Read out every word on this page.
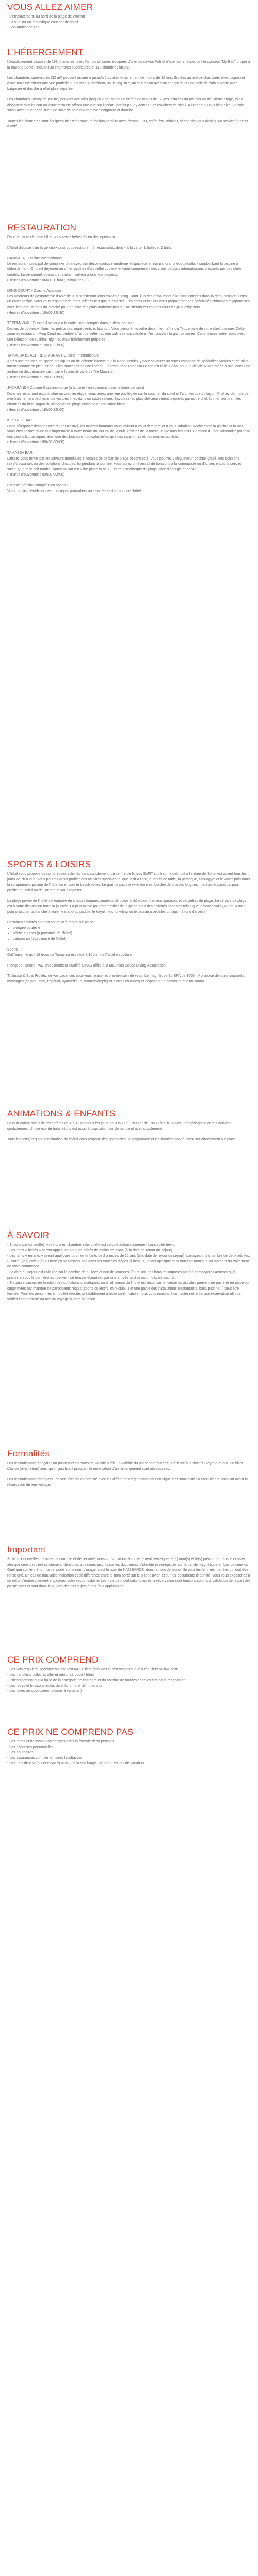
VOUS ALLEZ AIMER

- L'emplacement, au bord de la plage de Wolmar

- La vue sur un magnifique coucher de soleil

- Son ambiance zen

L'HÉBERGEMENT

L'établissement dispose de 193 chambres, avec l'air conditionné, équipées d'une connexion Wifi et d'une literie respectant le concept "My Bed" propre à la marque Sofitel, incluant 30 chambres supérieures et 113 chambres luxury.

Les chambres supérieures (32 m²) peuvent accueillir jusqu'à 2 adultes et un enfant de moins de 12 ans. Situées au rez-de-chaussée, elles disposent d'une terrasse offrant une vue partielle sur la mer. A l'intérieur, un lit king-size, un coin salon avec un canapé-lit et une salle de bain ouverte avec baignoire et douche à effet pluie séparée.

Les chambres Luxury de (50 m²) peuvent accueillir jusqu'à 2 adultes et un enfant de moins de 12 ans. Situées au premier ou deuxième étage, elles disposent d'un balcon ou d'une terrasse offrant une vue sur l'océan, parfait pour y admirer les couchers de soleil. A l'intérieur, un lit king-size, un coin salon avec un canapé-lit et une salle de bain ouverte avec baignoire et douche.

Toutes les chambres sont équipées de : téléphone, télévision satellite avec écrans LCD, coffre-fort, minibar, sèche-cheveux ainsi qu'un service à thé et à café.

RESTAURATION

Dans le cadre de cette offre, vous serez hébergés en demi-pension.

L'hôtel dispose d'un large choix pour vous restaurer : 5 restaurants, dont 4 à la carte, 1 buffet et 2 bars.

RAVINALA - Cuisine Internationale
Le restaurant principal de complexe ultra-avec son décor exotique moderne et spacieux et son panorama époustouflant surplombant la piscine à débordement. On petit déjeuner au dîner, profitez d'un buffet copieux et varié comprenant des choix de plats internationaux préparés par des chefs créatifs. Le personnel, souriant et attentif, veillera à tous vos besoins.
(Heures d'ouverture : 06h00-11h00 ; 19h00-22h30)

MING COURT - Cuisine Asiatique
Les amateurs de gastronomie d'Asie de l'Est satisferont leurs envies à Ming Court. l'un des restaurants à la carte compris dans la demi-pension. Dans un cadre raffiné, vous vous régalerez de mets raffinés tels que le chili-sec. Les chefs cuisiniers vous prépareront des spécialités chinoises et japonaises avec les produits frais du marché pour en faire des plats authentiques qui satisferont les connaisseurs les plus exigeants.
(Heures d'ouverture : 19h00-22h30)

TEPPANYAKI - Cuisine Asiatique à la carte - non compris dans la demi-pension
Dames de couteaux, flammes pétillantes, ingrédients éclatants... Vous serez émerveillé devant le maître du Teppanyaki de votre chef cuisinier. Cette zone du restaurant Ming Court est dédiée à l'art de cette tradition culinaire ancestrale et l'est souvent la grande soirée. Commencez votre repas avec une sélection de sushimi, nigiri ou maki fraîchement préparés.
(Heures d'ouverture : 19h00-22h00)

TAMASSA BEACH RESTAURANT-Cuisine Internationale
Après une matinée de sports nautiques ou de détente intense sur la plage, rendez-y pour savourer un repas composé de spécialités locales et de plats internationaux en plein air sous les douces brises de l'océan. Le restaurant Tamassa Beach est le lieu idéal pour un délicieux intermède à midi dans une ambiance décontractée qui incarne la joie de vivre de l'île Maurice.
(Heures d'ouverture : 12h00-17h00)

JACARANDA Cuisine Gastronomique (à la carte - non compris dans la demi-pension)
Dans un restaurant exquis situé au premier étage, vous aurez une vue privilégiée sur le coucher du soleil et l'architecture du lagon. Profitez de fruits de mer fraîchement pêchés et de viandes fines dans un cadre raffiné. Savourez les plats délicieusement préparés par notre chef, tout en admirant les charmes du beau lagon du visage d'une plage enviable et son sable blanc.
(Heures d'ouverture : 19h00-22h00)

KESTREL BAR
Dans l'élégance décontractée du bar Kestrel, les maîtres barmans vous invitent à vous détendre et à vous rafraîchir. Niché entre la piscine et la mer, vous êtes assuré d'une vue imprenable à toute heure du jour ou de la nuit. Profitez de la musique live tous les soirs. Le menu du bar saisonnier propose des cocktails classiques ainsi que des boissons tropicales telles que des caipirinhas et des mojitos au litchi.
(Heures d'ouverture : 08h30-00h00)

TAMASSA BAR
Laissez vous tenter par les saveurs mondiales et locales de ce bar de plage décontracté. Vous pourrez y dégusterun cocktail glacé, des boissons rafraîchissantes ou des collations chaudes. Ici pendant la journée, vous aurez un éventail de boissons à la commande ou d'autres encas sucrés et salés. Quand le soir tombe, Tamassa Bar est « the place to be »... cette discothèque de plage vibre d'énergie et de vie.
(Heures d'ouverture : 09h30-00h00)

Formule pension complète en option :
Vous pouvez bénéficier des trois repas journaliers au sein des restaurants de l'hôtel.

SPORTS & LOISIRS

L'hôtel vous propose de nombreuses activités sans supplément. Le centre de fitness SoFIT situé sur le petit toit a l'entrée de l'hôtel est ouvert tous les jours de 7h à 20h. Vous pourrez aussi profiter des activités sportives tel que le tir à l'arc, le tennis de table, la pétanque, l'aquagym et le water-polo dans la somptueuse piscine de l'hôtel ou encore le beach volley. Le grande piscine extérieure est bordée de chaises longues, matelas et parasols pour profiter du soleil ou de l'ombre et vous reposer.

La plage privée de l'hôtel est équipée de chaises longues, matelas de plage à lit&aquos, hamacs, parasols et serviettes de plage. Le service de plage est à votre disposition toute la journée. La plus active pourront profiter de la plage pour des activités sportives telles que le beach volley ou de la mer pour pratiquer la planche à voile, le stand-up paddle, le kayak, le snorkeling ou le bateau à pédales du lagon à fond de verre.

Certaines activités sont en option et à régler sur place :

• plongée bouteille
• pêche au gros (à proximité de l'hôtel)
• catamaran (à proximité de l'hôtel)

Sports
Golf/easy : le golf 18 trous de Tamarina est situé à 10 min de l'hôtel en voiture

Plongées : centre PADI avec moniteur qualifié CMAS affilié à la Mauritius Scuba Diving Association

Thalasso & Spa: Profitez de vos vacances pour vous relaxer et prendre soin de vous. Le magnifique So SPA de 1000 m² propose de soins corporels, massages (shiatsu, thaï, impérial, ayurvédique, aromathérapie) et pierres chaudes) et dispose d'un hammam et d'un sauna.

ANIMATIONS & ENFANTS

Le club enfant accueille les enfants de 4 à 12 ans tous les jours de 09h00 à 17h00 et de 18h30 à 21h15 avec une pédagogie et des activités quotidiennes. Un service de baby-sitting est aussi à disposition sur demande et avec supplément.

Tous les soirs, l'équipe d'animation de l'hôtel vous propose des spectacles, le programme et les horaires sont à consulter directement sur place.

À SAVOIR

- Si vous partez seul(e), votre prix en chambre individuelle est calculé automatiquement dans votre devis.
- Les tarifs « bébés » seront appliqués pour les bébés de moins de 2 ans (à la date de retour du séjour).
- Les tarifs « enfants » seront appliqués pour les enfants de 2 à moins de 12 ans (à la date de retour du séjour), partageant la chambre de deux adultes. Si votre (vos) enfant(s) ou bébé(s) ne rentrent pas dans les tranches d'âges ci-dessus, le tarif appliqué sera non communiqué au moment du traitement de votre commande.
- La date du séjour est calculée sur le nombre de nuitées et non de journées. En raison des horaires imposés par les compagnies aériennes, la première et/ou le dernière nuit peuvent se trouver écourtées par une arrivée tardive ou un départ matinal.
- En basse saison, en fonction des conditions climatiques, ou à l'affluence de l'hôtel est insuffisante, certaines activités peuvent ne pas être en place ou supprimées par manque de participants requis (sports collectifs, mini-club...) et une partie des installations (restaurants, bars, piscine...) peut être fermée. Pour les personnes à mobilité réduite, préalablement à toute confirmation, nous vous invitons à contacter notre service réservation afin de vérifier l'adaptabilité ou non du voyage à votre situation.

Formalités

Les ressortissants français : un passeport en cours de validité suffit. La validité du passeport doit être ultérieure à la date du voyage retour. Un billet d'avion (aller/retour) ainsi qu'un justificatif prouvant la réservation d'un hébergement sont nécessaires.

Les ressortissants étrangers : doivent être en conformité avec les différentes réglementations en vigueur et sont invités à consulter le consulat avant la réservation de leur voyage.

Important

Suite aux nouvelles mesures de contrôle et de sécurité, nous vous invitons à correctement renseigner le(s) nom(s) et le(s) prénom(s) dans le dossier afin que ceux-ci soient strictement identiques aux noms inscrits sur les documents d'identité et enregistrés sur la bande magnétique en bas de ceux-ci. Quel que soit le prénom usuel porté sur le nom d'usage, c'est le nom de NAISSANCE, donc le nom de jeune fille pour les femmes mariées qui doit être renseigné. En cas de mauvaise indication et de différence entre le nom porté sur le billet d'avion et sur les documents d'identité, vous vous exposeriez à un refus d'embarquement engageant votre responsabilité. Les frais de modifications après la réservation sont toujours soumis à validation de la part des prestataires et sont dans la plupart des cas sujets à des frais applicables.

CE PRIX COMPREND

- Les vols réguliers, spéciaux ou low-cost A/R, Billets émis dès la réservation sur vols réguliers ou low-cost.

- Les transferts collectifs aller et retour aéroport / hôtel.

- L'hébergement sur la base de la catégorie de chambre et du nombre de nuitées choisies lors de la réservation.

- Les repas et boissons inclus dans la formule demi-pension

- Les taxes aéroportuaires (soumis à variation)

CE PRIX NE COMPREND PAS

- Les repas et boissons non compris dans la formule demi-pension

- Les dépenses personnelles

- Les pourboires

- Les assurances complémentaires facultatives

- Les frais de visa (si nécessaire) ainsi que la surcharge carburant en cas de variation
